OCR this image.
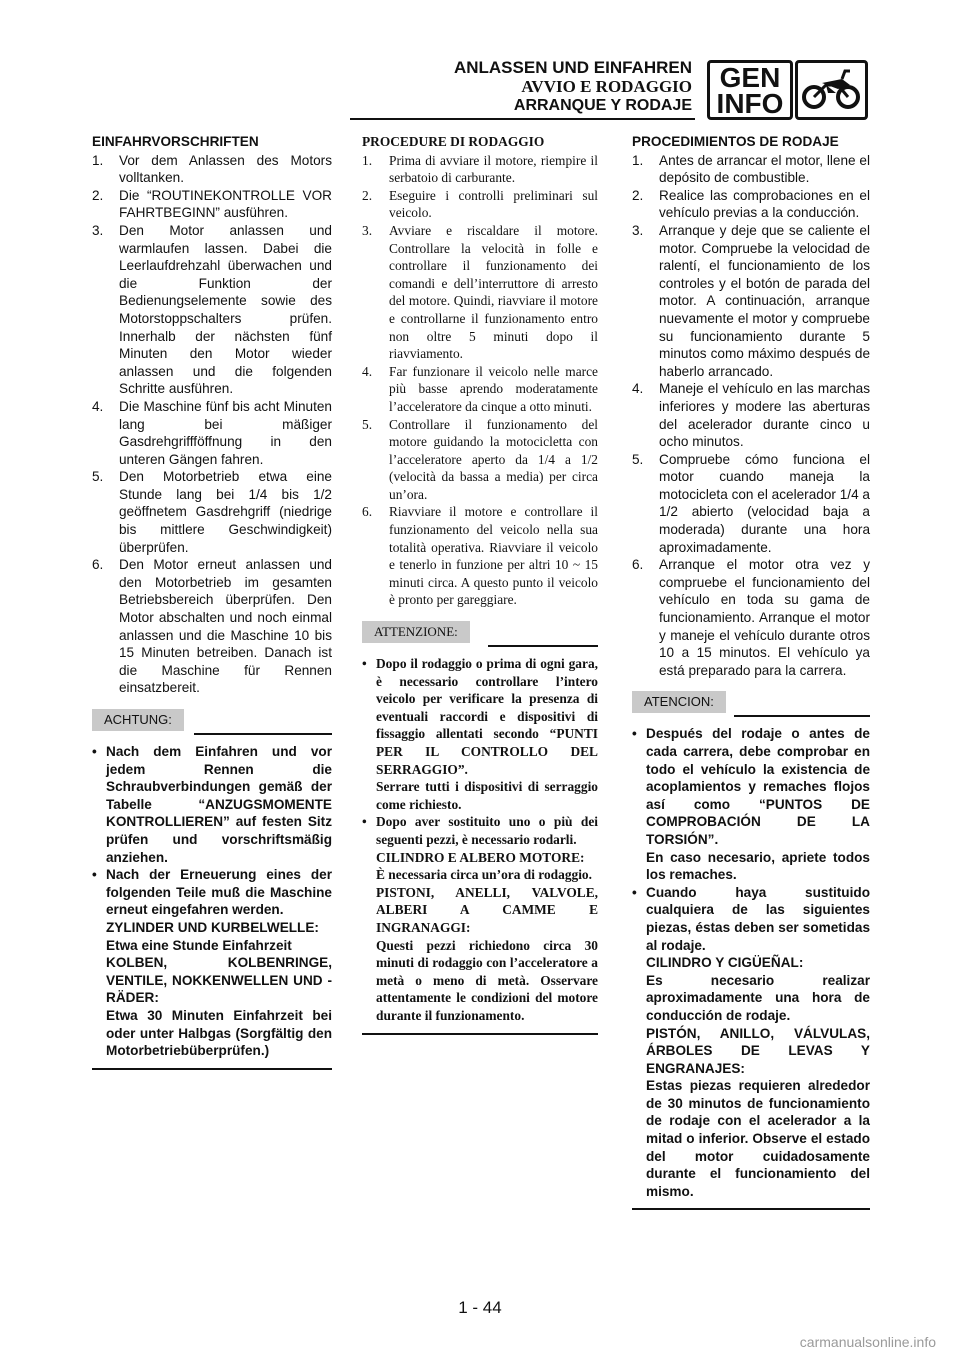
ANLASSEN UND EINFAHREN
AVVIO E RODAGGIO
ARRANQUE Y RODAJE
GEN
INFO
EINFAHRVORSCHRIFTEN
1. Vor dem Anlassen des Motors volltanken.
2. Die “ROUTINEKONTROLLE VOR FAHRTBEGINN” ausführen.
3. Den Motor anlassen und warmlaufen lassen. Dabei die Leerlaufdrehzahl überwachen und die Funktion der Bedienungselemente sowie des Motorstoppschalters prüfen. Innerhalb der nächsten fünf Minuten den Motor wieder anlassen und die folgenden Schritte ausführen.
4. Die Maschine fünf bis acht Minuten lang bei mäßiger Gasdrehgriffföffnung in den unteren Gängen fahren.
5. Den Motorbetrieb etwa eine Stunde lang bei 1/4 bis 1/2 geöffnetem Gasdrehgriff (niedrige bis mittlere Geschwindigkeit) überprüfen.
6. Den Motor erneut anlassen und den Motorbetrieb im gesamten Betriebsbereich überprüfen. Den Motor abschalten und noch einmal anlassen und die Maschine 10 bis 15 Minuten betreiben. Danach ist die Maschine für Rennen einsatzbereit.
ACHTUNG:
• Nach dem Einfahren und vor jedem Rennen die Schraubverbindungen gemäß der Tabelle “ANZUGSMOMENTE KONTROLLIEREN” auf festen Sitz prüfen und vorschriftsmäßig anziehen.
• Nach der Erneuerung eines der folgenden Teile muß die Maschine erneut eingefahren werden.
ZYLINDER UND KURBELWELLE:
Etwa eine Stunde Einfahrzeit
KOLBEN, KOLBENRINGE, VENTILE, NOKKENWELLEN UND -RÄDER:
Etwa 30 Minuten Einfahrzeit bei oder unter Halbgas (Sorgfältig den Motorbetriebüberprüfen.)
PROCEDURE DI RODAGGIO
1. Prima di avviare il motore, riempire il serbatoio di carburante.
2. Eseguire i controlli preliminari sul veicolo.
3. Avviare e riscaldare il motore. Controllare la velocità in folle e controllare il funzionamento dei comandi e dell’interruttore di arresto del motore. Quindi, riavviare il motore e controllarne il funzionamento entro non oltre 5 minuti dopo il riavviamento.
4. Far funzionare il veicolo nelle marce più basse aprendo moderatamente l’acceleratore da cinque a otto minuti.
5. Controllare il funzionamento del motore guidando la motocicletta con l’acceleratore aperto da 1/4 a 1/2 (velocità da bassa a media) per circa un’ora.
6. Riavviare il motore e controllare il funzionamento del veicolo nella sua totalità operativa. Riavviare il veicolo e tenerlo in funzione per altri 10 ~ 15 minuti circa. A questo punto il veicolo è pronto per gareggiare.
ATTENZIONE:
• Dopo il rodaggio o prima di ogni gara, è necessario controllare l’intero veicolo per verificare la presenza di eventuali raccordi e dispositivi di fissaggio allentati secondo “PUNTI PER IL CONTROLLO DEL SERRAGGIO”.
Serrare tutti i dispositivi di serraggio come richiesto.
• Dopo aver sostituito uno o più dei seguenti pezzi, è necessario rodarli.
CILINDRO E ALBERO MOTORE:
È necessaria circa un’ora di rodaggio.
PISTONI, ANELLI, VALVOLE, ALBERI A CAMME E INGRANAGGI:
Questi pezzi richiedono circa 30 minuti di rodaggio con l’acceleratore a metà o meno di metà. Osservare attentamente le condizioni del motore durante il funzionamento.
PROCEDIMIENTOS DE RODAJE
1. Antes de arrancar el motor, llene el depósito de combustible.
2. Realice las comprobaciones en el vehículo previas a la conducción.
3. Arranque y deje que se caliente el motor. Compruebe la velocidad de ralentí, el funcionamiento de los controles y el botón de parada del motor. A continuación, arranque nuevamente el motor y compruebe su funcionamiento durante 5 minutos como máximo después de haberlo arrancado.
4. Maneje el vehículo en las marchas inferiores y modere las aberturas del acelerador durante cinco u ocho minutos.
5. Compruebe cómo funciona el motor cuando maneja la motocicleta con el acelerador 1/4 a 1/2 abierto (velocidad baja a moderada) durante una hora aproximadamente.
6. Arranque el motor otra vez y compruebe el funcionamiento del vehículo en toda su gama de funcionamiento. Arranque el motor y maneje el vehículo durante otros 10 a 15 minutos. El vehículo ya está preparado para la carrera.
ATENCION:
• Después del rodaje o antes de cada carrera, debe comprobar en todo el vehículo la existencia de acoplamientos y remaches flojos así como “PUNTOS DE COMPROBACIÓN DE LA TORSIÓN”.
En caso necesario, apriete todos los remaches.
• Cuando haya sustituido cualquiera de las siguientes piezas, éstas deben ser sometidas al rodaje.
CILINDRO Y CIGÜEÑAL:
Es necesario realizar aproximadamente una hora de conducción de rodaje.
PISTÓN, ANILLO, VÁLVULAS, ÁRBOLES DE LEVAS Y ENGRANAJES:
Estas piezas requieren alrededor de 30 minutos de funcionamiento de rodaje con el acelerador a la mitad o inferior. Observe el estado del motor cuidadosamente durante el funcionamiento del mismo.
1 - 44
carmanualsonline.info
